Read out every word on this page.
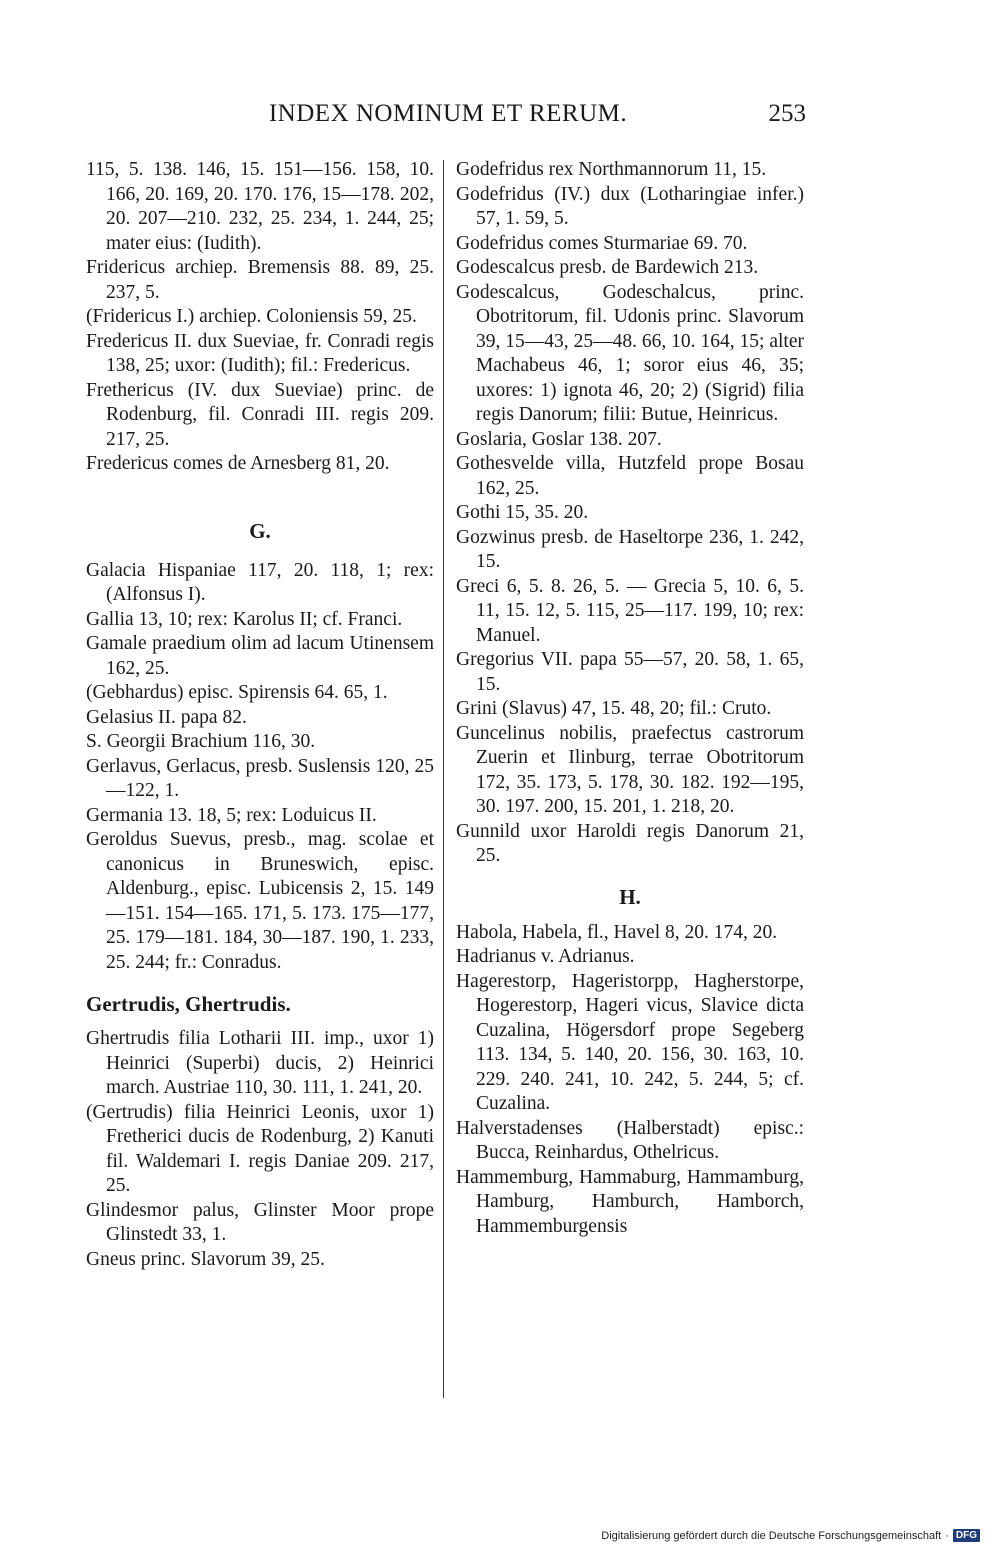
INDEX NOMINUM ET RERUM.	253
115, 5. 138. 146, 15. 151—156. 158, 10. 166, 20. 169, 20. 170. 176, 15—178. 202, 20. 207—210. 232, 25. 234, 1. 244, 25; mater eius: (Iudith).
Fridericus archiep. Bremensis 88. 89, 25. 237, 5.
(Fridericus I.) archiep. Coloniensis 59, 25.
Fredericus II. dux Sueviae, fr. Conradi regis 138, 25; uxor: (Iudith); fil.: Fredericus.
Frethericus (IV. dux Sueviae) princ. de Rodenburg, fil. Conradi III. regis 209. 217, 25.
Fredericus comes de Arnesberg 81, 20.
G.
Galacia Hispaniae 117, 20. 118, 1; rex: (Alfonsus I).
Gallia 13, 10; rex: Karolus II; cf. Franci.
Gamale praedium olim ad lacum Utinensem 162, 25.
(Gebhardus) episc. Spirensis 64. 65, 1.
Gelasius II. papa 82.
S. Georgii Brachium 116, 30.
Gerlavus, Gerlacus, presb. Suslensis 120, 25—122, 1.
Germania 13. 18, 5; rex: Loduicus II.
Geroldus Suevus, presb., mag. scolae et canonicus in Bruneswich, episc. Aldenburg., episc. Lubicensis 2, 15. 149—151. 154—165. 171, 5. 173. 175—177, 25. 179—181. 184, 30—187. 190, 1. 233, 25. 244; fr.: Conradus.
Gertrudis, Ghertrudis.
Ghertrudis filia Lotharii III. imp., uxor 1) Heinrici (Superbi) ducis, 2) Heinrici march. Austriae 110, 30. 111, 1. 241, 20.
(Gertrudis) filia Heinrici Leonis, uxor 1) Fretherici ducis de Rodenburg, 2) Kanuti fil. Waldemari I. regis Daniae 209. 217, 25.
Glindesmor palus, Glinster Moor prope Glinstedt 33, 1.
Gneus princ. Slavorum 39, 25.
Godefridus rex Northmannorum 11, 15.
Godefridus (IV.) dux (Lotharingiae infer.) 57, 1. 59, 5.
Godefridus comes Sturmariae 69. 70.
Godescalcus presb. de Bardewich 213.
Godescalcus, Godeschalcus, princ. Obotritorum, fil. Udonis princ. Slavorum 39, 15—43, 25—48. 66, 10. 164, 15; alter Machabeus 46, 1; soror eius 46, 35; uxores: 1) ignota 46, 20; 2) (Sigrid) filia regis Danorum; filii: Butue, Heinricus.
Goslaria, Goslar 138. 207.
Gothesvelde villa, Hutzfeld prope Bosau 162, 25.
Gothi 15, 35. 20.
Gozwinus presb. de Haseltorpe 236, 1. 242, 15.
Greci 6, 5. 8. 26, 5. — Grecia 5, 10. 6, 5. 11, 15. 12, 5. 115, 25—117. 199, 10; rex: Manuel.
Gregorius VII. papa 55—57, 20. 58, 1. 65, 15.
Grini (Slavus) 47, 15. 48, 20; fil.: Cruto.
Guncelinus nobilis, praefectus castrorum Zuerin et Ilinburg, terrae Obotritorum 172, 35. 173, 5. 178, 30. 182. 192—195, 30. 197. 200, 15. 201, 1. 218, 20.
Gunnild uxor Haroldi regis Danorum 21, 25.
H.
Habola, Habela, fl., Havel 8, 20. 174, 20.
Hadrianus v. Adrianus.
Hagerestorp, Hageristorpp, Hagherstorpe, Hogerestorp, Hageri vicus, Slavice dicta Cuzalina, Högersdorf prope Segeberg 113. 134, 5. 140, 20. 156, 30. 163, 10. 229. 240. 241, 10. 242, 5. 244, 5; cf. Cuzalina.
Halverstadenses (Halberstadt) episc.: Bucca, Reinhardus, Othelricus.
Hammemburg, Hammaburg, Hammamburg, Hamburg, Hamburch, Hamborch, Hammemburgensis
Digitalisierung gefördert durch die Deutsche Forschungsgemeinschaft · DFG
